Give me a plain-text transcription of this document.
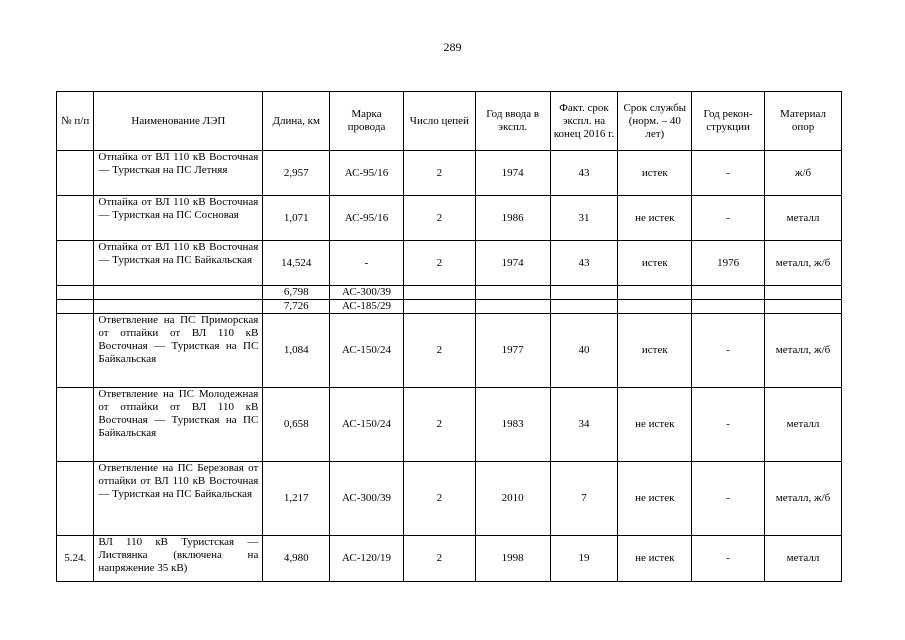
289
№ п/п	Наименование ЛЭП	Длина, км	Марка провода	Число цепей	Год ввода в экспл.	Факт. срок экспл. на конец 2016 г.	Срок службы (норм. – 40 лет)	Год рекон-струкции	Материал опор
	Отпайка от ВЛ 110 кВ Восточная — Туристкая на ПС Летняя	2,957	АС-95/16	2	1974	43	истек	-	ж/б
	Отпайка от ВЛ 110 кВ Восточная — Туристкая на ПС Сосновая	1,071	АС-95/16	2	1986	31	не истек	-	металл
	Отпайка от ВЛ 110 кВ Восточная — Туристкая на ПС Байкальская	14,524	-	2	1974	43	истек	1976	металл, ж/б
		6,798	АС-300/39						
		7,726	АС-185/29						
	Ответвление на ПС Приморская от отпайки от ВЛ 110 кВ Восточная — Туристкая на ПС Байкальская	1,084	АС-150/24	2	1977	40	истек	-	металл, ж/б
	Ответвление на ПС Молодежная от отпайки от ВЛ 110 кВ Восточная — Туристкая на ПС Байкальская	0,658	АС-150/24	2	1983	34	не истек	-	металл
	Ответвление на ПС Березовая от отпайки от ВЛ 110 кВ Восточная — Туристкая на ПС Байкальская	1,217	АС-300/39	2	2010	7	не истек	-	металл, ж/б
5.24.	ВЛ 110 кВ Туристская — Листвянка (включена на напряжение 35 кВ)	4,980	АС-120/19	2	1998	19	не истек	-	металл
